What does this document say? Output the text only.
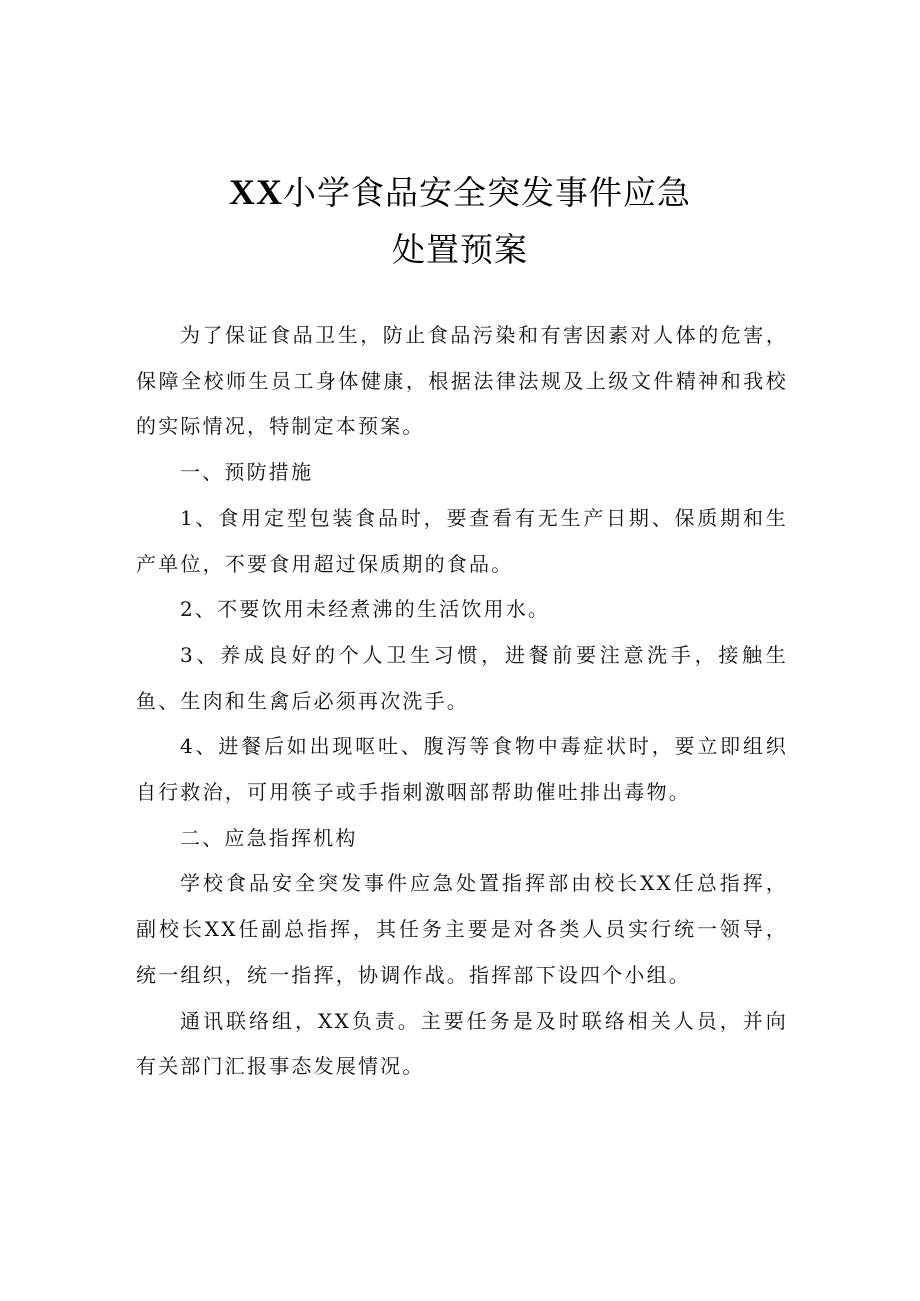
XX小学食品安全突发事件应急
处置预案

为了保证食品卫生，防止食品污染和有害因素对人体的危害，保障全校师生员工身体健康，根据法律法规及上级文件精神和我校的实际情况，特制定本预案。

一、预防措施

1、食用定型包装食品时，要查看有无生产日期、保质期和生产单位，不要食用超过保质期的食品。

2、不要饮用未经煮沸的生活饮用水。

3、养成良好的个人卫生习惯，进餐前要注意洗手，接触生鱼、生肉和生禽后必须再次洗手。

4、进餐后如出现呕吐、腹泻等食物中毒症状时，要立即组织自行救治，可用筷子或手指刺激咽部帮助催吐排出毒物。

二、应急指挥机构

学校食品安全突发事件应急处置指挥部由校长XX任总指挥，副校长XX任副总指挥，其任务主要是对各类人员实行统一领导，统一组织，统一指挥，协调作战。指挥部下设四个小组。

通讯联络组，XX负责。主要任务是及时联络相关人员，并向有关部门汇报事态发展情况。
